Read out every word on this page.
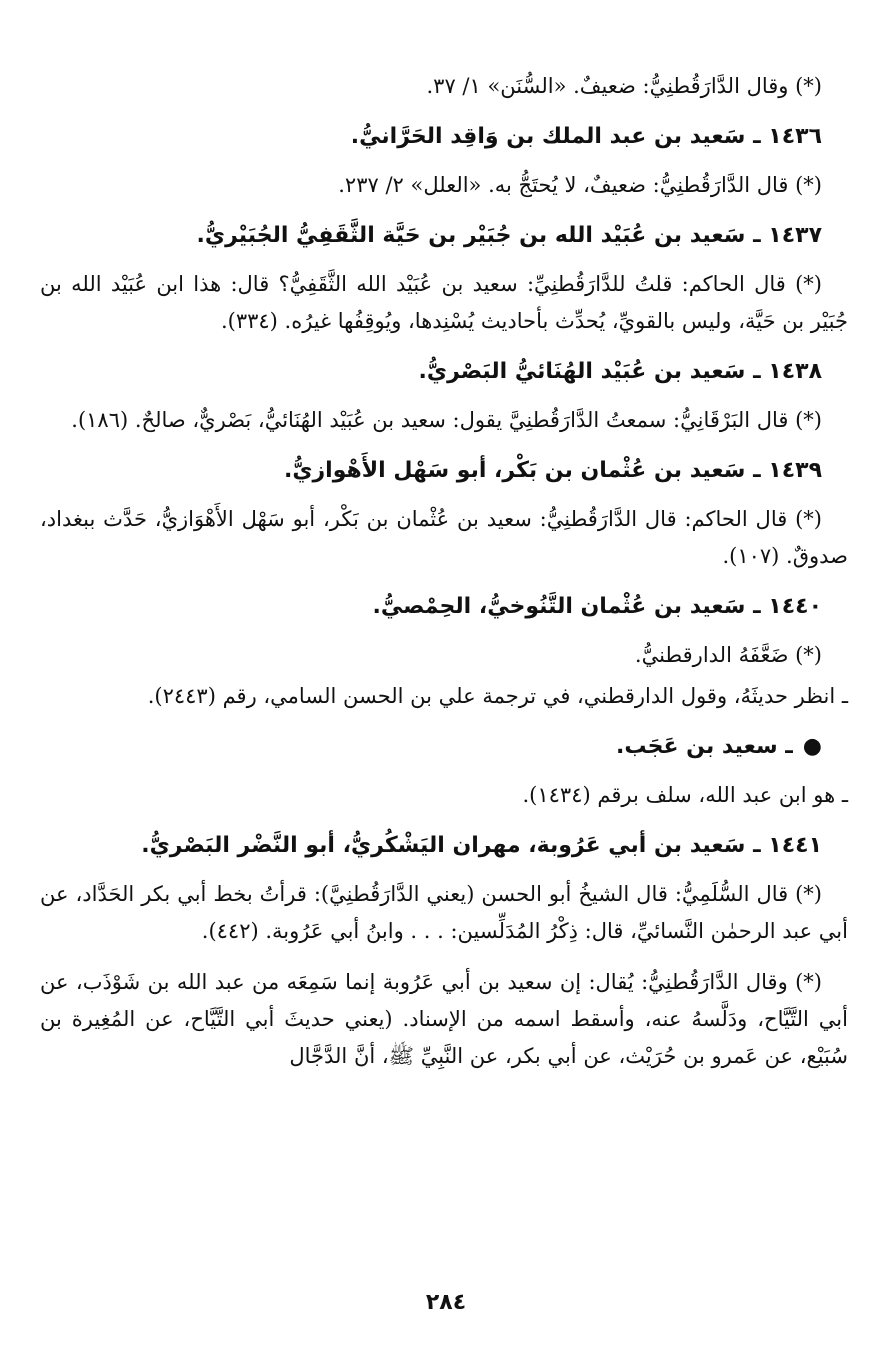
(*) وقال الدَّارَقُطنِيُّ: ضعيفٌ. «السُّنَن» ١/ ٣٧.

١٤٣٦ ـ سَعيد بن عبد الملك بن وَاقِد الحَرَّانيُّ.

(*) قال الدَّارَقُطنِيُّ: ضعيفٌ، لا يُحتَجُّ به. «العلل» ٢/ ٢٣٧.

١٤٣٧ ـ سَعيد بن عُبَيْد الله بن جُبَيْر بن حَيَّة الثَّقَفِيُّ الجُبَيْريُّ.

(*) قال الحاكم: قلتُ للدَّارَقُطنِيِّ: سعيد بن عُبَيْد الله الثَّقَفِيُّ؟ قال: هذا ابن عُبَيْد الله بن جُبَيْر بن حَيَّة، وليس بالقويِّ، يُحدِّث بأحاديث يُسْنِدها، ويُوقِفُها غيرُه. (٣٣٤).

١٤٣٨ ـ سَعيد بن عُبَيْد الهُنَائيُّ البَصْريُّ.

(*) قال البَرْقَانِيُّ: سمعتُ الدَّارَقُطنِيَّ يقول: سعيد بن عُبَيْد الهُنَائيُّ، بَصْريٌّ، صالحٌ. (١٨٦).

١٤٣٩ ـ سَعيد بن عُثْمان بن بَكْر، أبو سَهْل الأَهْوازيُّ.

(*) قال الحاكم: قال الدَّارَقُطنِيُّ: سعيد بن عُثْمان بن بَكْر، أبو سَهْل الأَهْوَازيُّ، حَدَّث ببغداد، صدوقٌ. (١٠٧).

١٤٤٠ ـ سَعيد بن عُثْمان التَّنُوخيُّ، الحِمْصيُّ.

(*) ضَعَّفَهُ الدارقطنيُّ.

ـ انظر حديثَهُ، وقول الدارقطني، في ترجمة علي بن الحسن السامي، رقم (٢٤٤٣).

●ـ سعيد بن عَجَب.

ـ هو ابن عبد الله، سلف برقم (١٤٣٤).

١٤٤١ ـ سَعيد بن أبي عَرُوبة، مهران اليَشْكُريُّ، أبو النَّضْر البَصْريُّ.

(*) قال السُّلَمِيُّ: قال الشيخُ أبو الحسن (يعني الدَّارَقُطنِيَّ): قرأتُ بخط أبي بكر الحَدَّاد، عن أبي عبد الرحمٰن النَّسائيِّ، قال: ذِكْرُ المُدَلِّسين: . . . وابنُ أبي عَرُوبة. (٤٤٢).

(*) وقال الدَّارَقُطنِيُّ: يُقال: إن سعيد بن أبي عَرُوبة إنما سَمِعَه من عبد الله بن شَوْذَب، عن أبي التَّيَّاح، ودَلَّسهُ عنه، وأسقط اسمه من الإسناد. (يعني حديثَ أبي التَّيَّاح، عن المُغِيرة بن سُبَيْع، عن عَمرو بن حُرَيْث، عن أبي بكر، عن النَّبِيِّ ﷺ، أنَّ الدَّجَّال

٢٨٤
